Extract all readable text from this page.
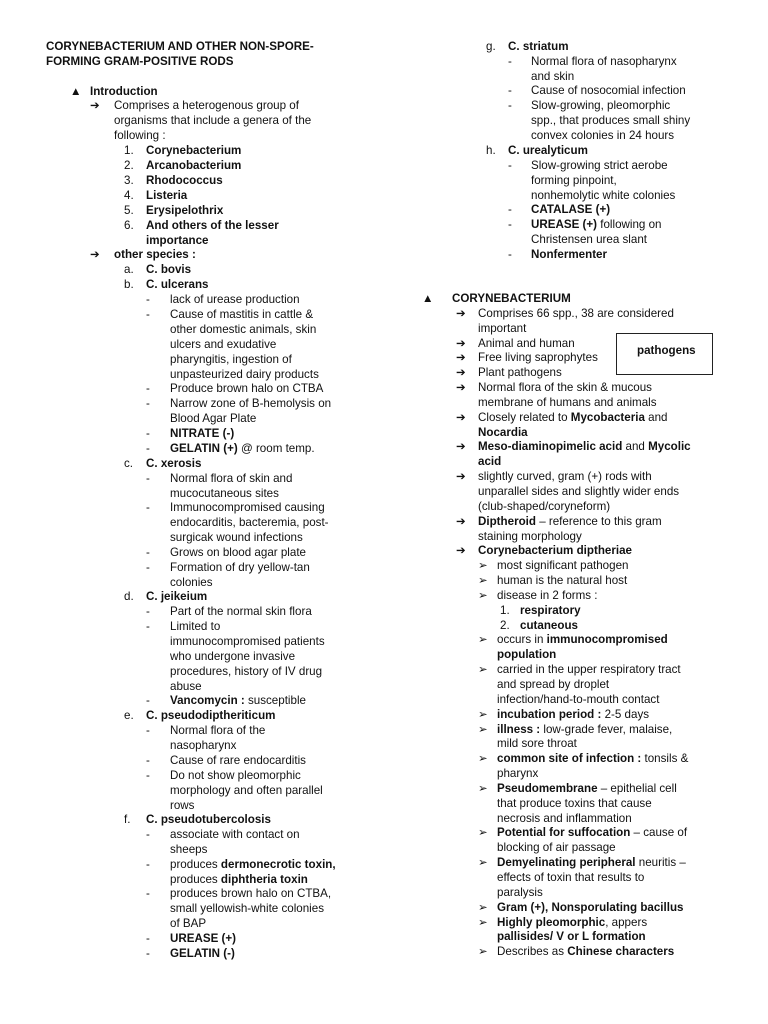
CORYNEBACTERIUM AND OTHER NON-SPORE-
FORMING GRAM-POSITIVE RODS
▲ Introduction
➔ Comprises a heterogenous group of
organisms that include a genera of the
following :
1. Corynebacterium
2. Arcanobacterium
3. Rhodococcus
4. Listeria
5. Erysipelothrix
6. And others of the lesser
importance
➔ other species :
a. C. bovis
b. C. ulcerans
- lack of urease production
- Cause of mastitis in cattle &
other domestic animals, skin
ulcers and exudative
pharyngitis, ingestion of
unpasteurized dairy products
- Produce brown halo on CTBA
- Narrow zone of B-hemolysis on
Blood Agar Plate
- NITRATE (-)
- GELATIN (+) @ room temp.
c. C. xerosis
- Normal flora of skin and
mucocutaneous sites
- Immunocompromised causing
endocarditis, bacteremia, post-
surgicak wound infections
- Grows on blood agar plate
- Formation of dry yellow-tan
colonies
d. C. jeikeium
- Part of the normal skin flora
- Limited to
immunocompromised patients
who undergone invasive
procedures, history of IV drug
abuse
- Vancomycin : susceptible
e. C. pseudodiptheriticum
- Normal flora of the
nasopharynx
- Cause of rare endocarditis
- Do not show pleomorphic
morphology and often parallel
rows
f. C. pseudotubercolosis
- associate with contact on
sheeps
- produces dermonecrotic toxin,
produces diphtheria toxin
- produces brown halo on CTBA,
small yellowish-white colonies
of BAP
- UREASE (+)
- GELATIN (-)
g. C. striatum
- Normal flora of nasopharynx
and skin
- Cause of nosocomial infection
- Slow-growing, pleomorphic
spp., that produces small shiny
convex colonies in 24 hours
h. C. urealyticum
- Slow-growing strict aerobe
forming pinpoint,
nonhemolytic white colonies
- CATALASE (+)
- UREASE (+) following on
Christensen urea slant
- Nonfermenter
▲ CORYNEBACTERIUM
➔ Comprises 66 spp., 38 are considered
important
➔ Animal and human
➔ Free living saprophytes
➔ Plant pathogens
➔ Normal flora of the skin & mucous
membrane of humans and animals
➔ Closely related to Mycobacteria and
Nocardia
➔ Meso-diaminopimelic acid and Mycolic
acid
➔ slightly curved, gram (+) rods with
unparallel sides and slightly wider ends
(club-shaped/coryneform)
➔ Diptheroid – reference to this gram
staining morphology
➔ Corynebacterium diptheriae
➢ most significant pathogen
➢ human is the natural host
➢ disease in 2 forms :
1. respiratory
2. cutaneous
➢ occurs in immunocompromised
population
➢ carried in the upper respiratory tract
and spread by droplet
infection/hand-to-mouth contact
➢ incubation period : 2-5 days
➢ illness : low-grade fever, malaise,
mild sore throat
➢ common site of infection : tonsils &
pharynx
➢ Pseudomembrane – epithelial cell
that produce toxins that cause
necrosis and inflammation
➢ Potential for suffocation – cause of
blocking of air passage
➢ Demyelinating peripheral neuritis –
effects of toxin that results to
paralysis
➢ Gram (+), Nonsporulating bacillus
➢ Highly pleomorphic, appers
pallisides/ V or L formation
➢ Describes as Chinese characters
pathogens
